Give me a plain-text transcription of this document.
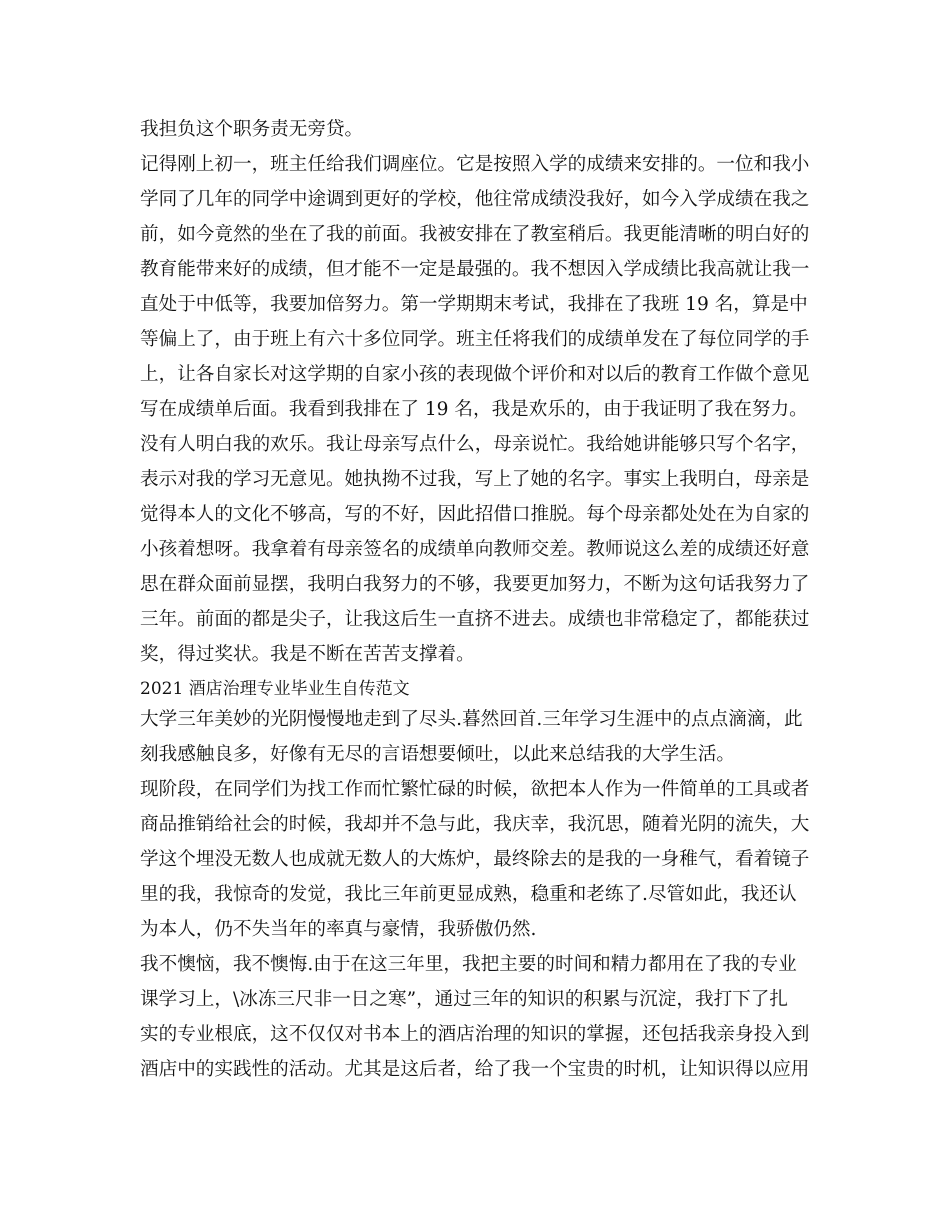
我担负这个职务责无旁贷。
记得刚上初一，班主任给我们调座位。它是按照入学的成绩来安排的。一位和我小
学同了几年的同学中途调到更好的学校，他往常成绩没我好，如今入学成绩在我之
前，如今竟然的坐在了我的前面。我被安排在了教室稍后。我更能清晰的明白好的
教育能带来好的成绩，但才能不一定是最强的。我不想因入学成绩比我高就让我一
直处于中低等，我要加倍努力。第一学期期末考试，我排在了我班 19 名，算是中
等偏上了，由于班上有六十多位同学。班主任将我们的成绩单发在了每位同学的手
上，让各自家长对这学期的自家小孩的表现做个评价和对以后的教育工作做个意见
写在成绩单后面。我看到我排在了 19 名，我是欢乐的，由于我证明了我在努力。
没有人明白我的欢乐。我让母亲写点什么，母亲说忙。我给她讲能够只写个名字，
表示对我的学习无意见。她执拗不过我，写上了她的名字。事实上我明白，母亲是
觉得本人的文化不够高，写的不好，因此招借口推脱。每个母亲都处处在为自家的
小孩着想呀。我拿着有母亲签名的成绩单向教师交差。教师说这么差的成绩还好意
思在群众面前显摆，我明白我努力的不够，我要更加努力，不断为这句话我努力了
三年。前面的都是尖子，让我这后生一直挤不进去。成绩也非常稳定了，都能获过
奖，得过奖状。我是不断在苦苦支撑着。
2021 酒店治理专业毕业生自传范文
大学三年美妙的光阴慢慢地走到了尽头.暮然回首.三年学习生涯中的点点滴滴，此
刻我感触良多，好像有无尽的言语想要倾吐，以此来总结我的大学生活。
现阶段，在同学们为找工作而忙繁忙碌的时候，欲把本人作为一件简单的工具或者
商品推销给社会的时候，我却并不急与此，我庆幸，我沉思，随着光阴的流失，大
学这个埋没无数人也成就无数人的大炼炉，最终除去的是我的一身稚气，看着镜子
里的我，我惊奇的发觉，我比三年前更显成熟，稳重和老练了.尽管如此，我还认
为本人，仍不失当年的率真与豪情，我骄傲仍然.
我不懊恼，我不懊悔.由于在这三年里，我把主要的时间和精力都用在了我的专业
课学习上，\冰冻三尺非一日之寒”，通过三年的知识的积累与沉淀，我打下了扎
实的专业根底，这不仅仅对书本上的酒店治理的知识的掌握，还包括我亲身投入到
酒店中的实践性的活动。尤其是这后者，给了我一个宝贵的时机，让知识得以应用
